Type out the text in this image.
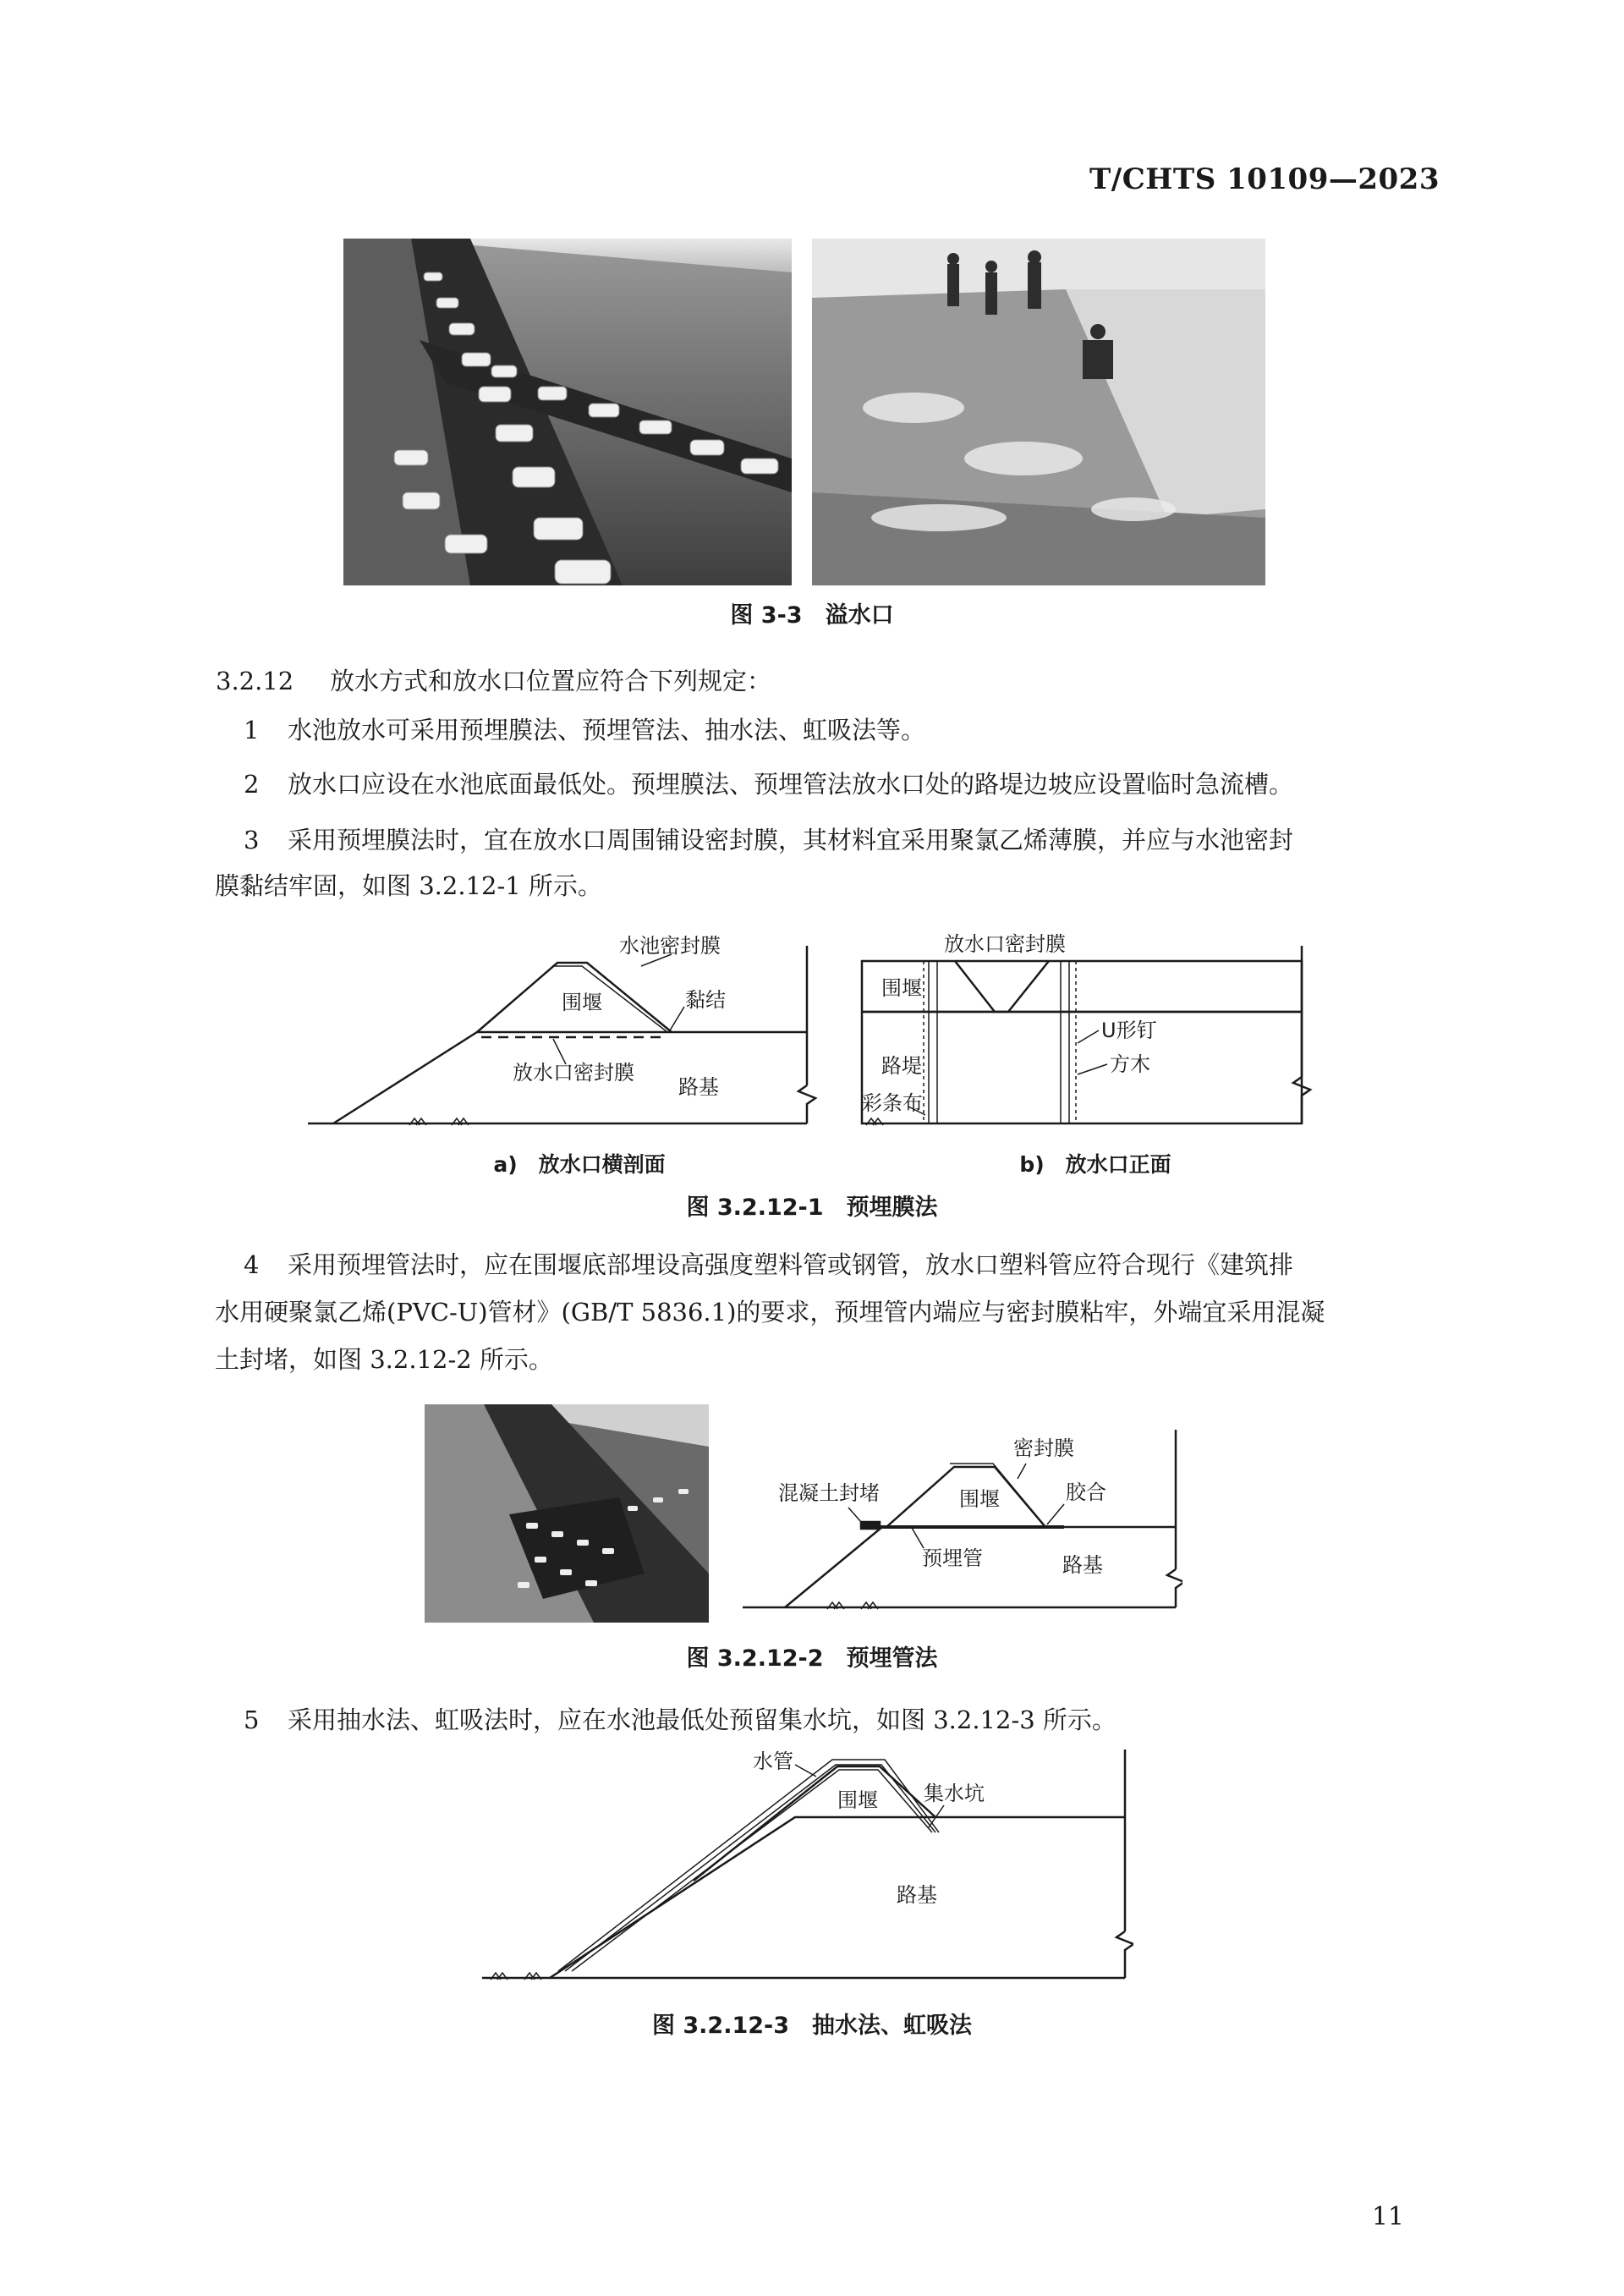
T/CHTS 10109—2023
图 3-3　溢水口
3.2.12 放水方式和放水口位置应符合下列规定：
1 水池放水可采用预埋膜法、预埋管法、抽水法、虹吸法等。
2 放水口应设在水池底面最低处。预埋膜法、预埋管法放水口处的路堤边坡应设置临时急流槽。
3 采用预埋膜法时，宜在放水口周围铺设密封膜，其材料宜采用聚氯乙烯薄膜，并应与水池密封
膜黏结牢固，如图 3.2.12-1 所示。
水池密封膜
围堰	黏结
放水口密封膜
路基
放水口密封膜
围堰
路堤
U形钉
方木
彩条布
a)　放水口横剖面	b)　放水口正面
图 3.2.12-1　预埋膜法
4 采用预埋管法时，应在围堰底部埋设高强度塑料管或钢管，放水口塑料管应符合现行《建筑排
水用硬聚氯乙烯(PVC-U)管材》(GB/T 5836.1)的要求，预埋管内端应与密封膜粘牢，外端宜采用混凝
土封堵，如图 3.2.12-2 所示。
密封膜
混凝土封堵	围堰	胶合
预埋管	路基
图 3.2.12-2　预埋管法
5 采用抽水法、虹吸法时，应在水池最低处预留集水坑，如图 3.2.12-3 所示。
水管
围堰 集水坑
路基
图 3.2.12-3　抽水法、虹吸法
11
